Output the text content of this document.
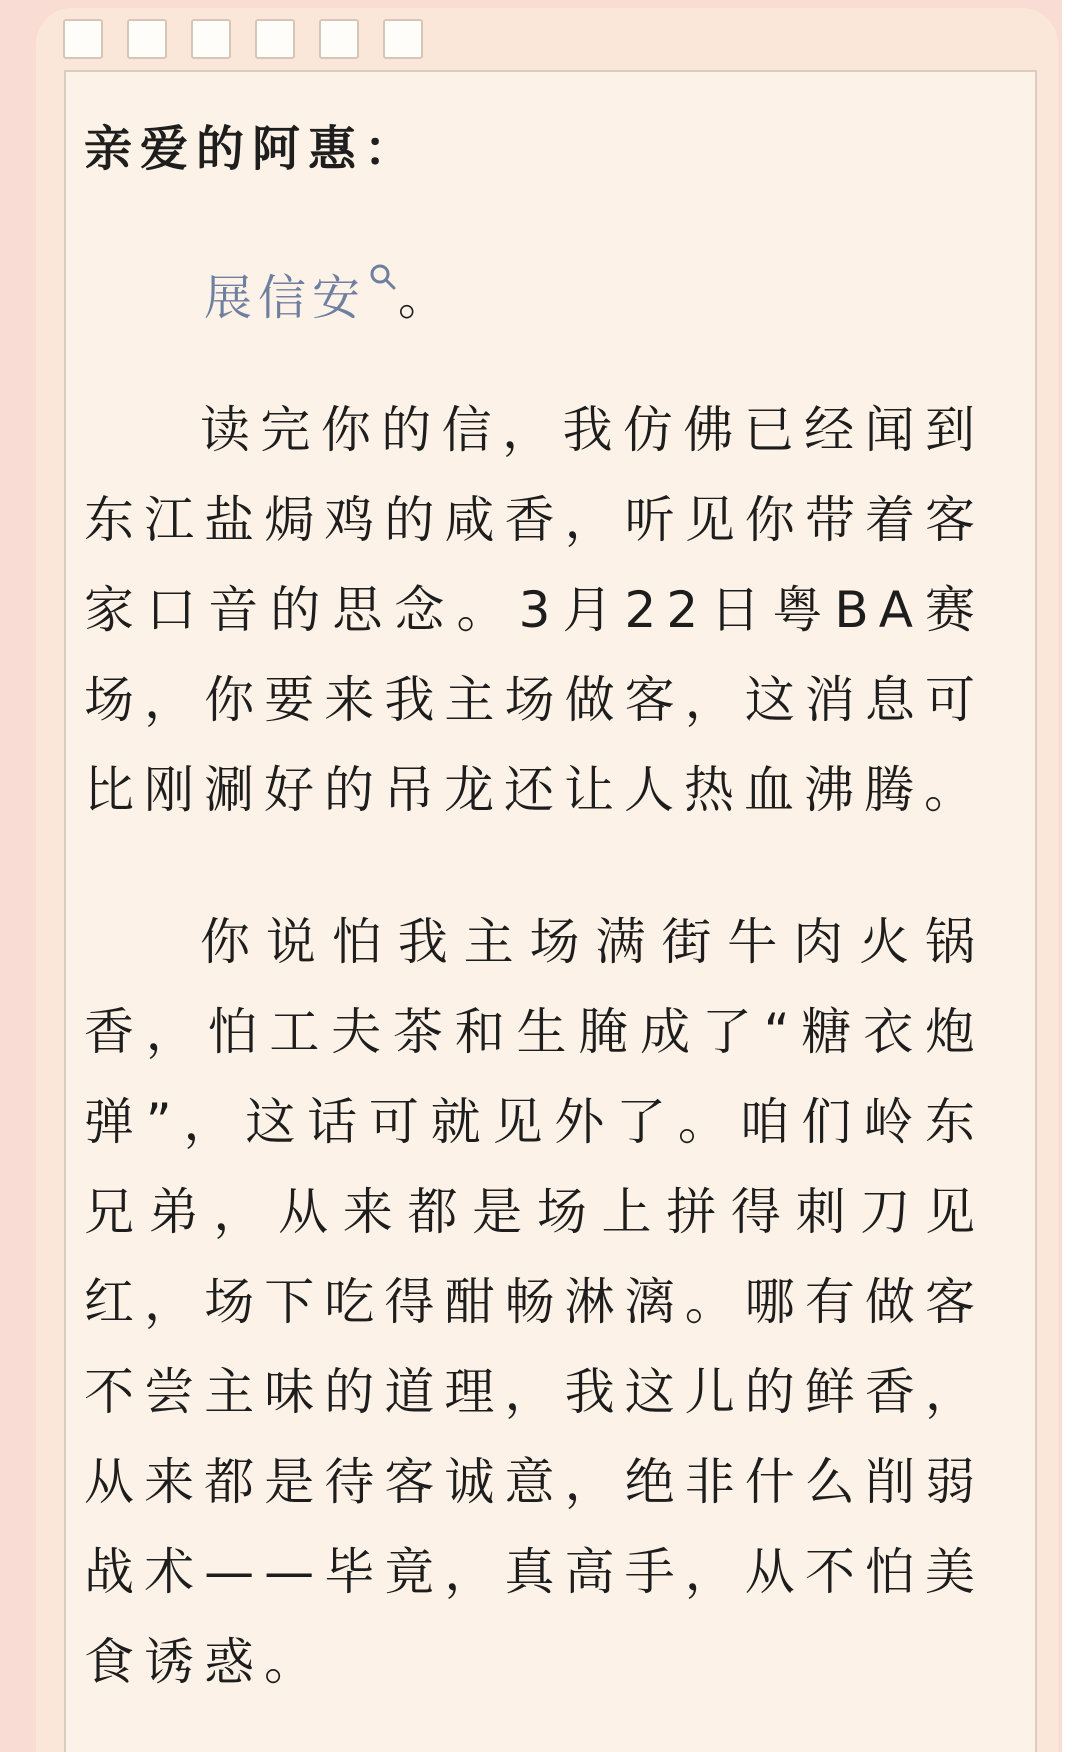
亲爱的阿惠：

展信安 。

读完你的信，我仿佛已经闻到东江盐焗鸡的咸香，听见你带着客家口音的思念。3月22日粤BA赛场，你要来我主场做客，这消息可比刚涮好的吊龙还让人热血沸腾。

你说怕我主场满街牛肉火锅香，怕工夫茶和生腌成了“糖衣炮弹”，这话可就见外了。咱们岭东兄弟，从来都是场上拼得刺刀见红，场下吃得酣畅淋漓。哪有做客不尝主味的道理，我这儿的鲜香，从来都是待客诚意，绝非什么削弱战术——毕竟，真高手，从不怕美食诱惑。
